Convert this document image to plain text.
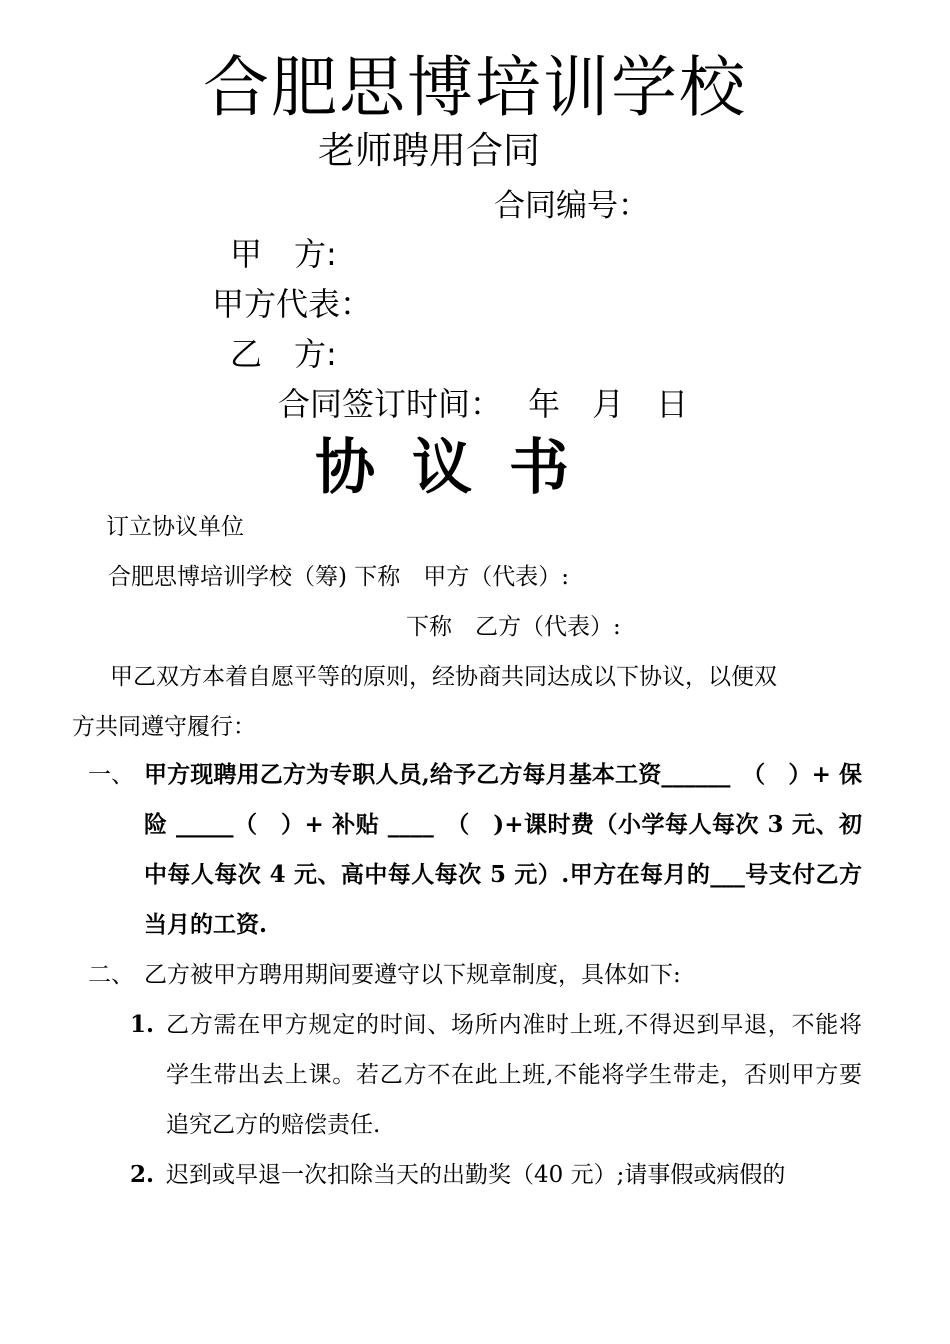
合肥思博培训学校
老师聘用合同
合同编号：
甲　方:
甲方代表：
乙　方:
合同签订时间：　 年　月　日
协 议 书
订立协议单位
合肥思博培训学校（筹) 下称　甲方（代表）:
下称　乙方（代表）:
甲乙双方本着自愿平等的原则，经协商共同达成以下协议，以便双
方共同遵守履行：
一、 甲方现聘用乙方为专职人员,给予乙方每月基本工资______　（　）+ 保险 _____（　）+ 补贴 ____　（　)+课时费（小学每人每次 3 元、初中每人每次 4 元、高中每人每次 5 元）.甲方在每月的___号支付乙方当月的工资.
二、 乙方被甲方聘用期间要遵守以下规章制度，具体如下:
1. 乙方需在甲方规定的时间、场所内准时上班,不得迟到早退，不能将学生带出去上课。若乙方不在此上班,不能将学生带走，否则甲方要追究乙方的赔偿责任.
2. 迟到或早退一次扣除当天的出勤奖（40 元）;请事假或病假的
